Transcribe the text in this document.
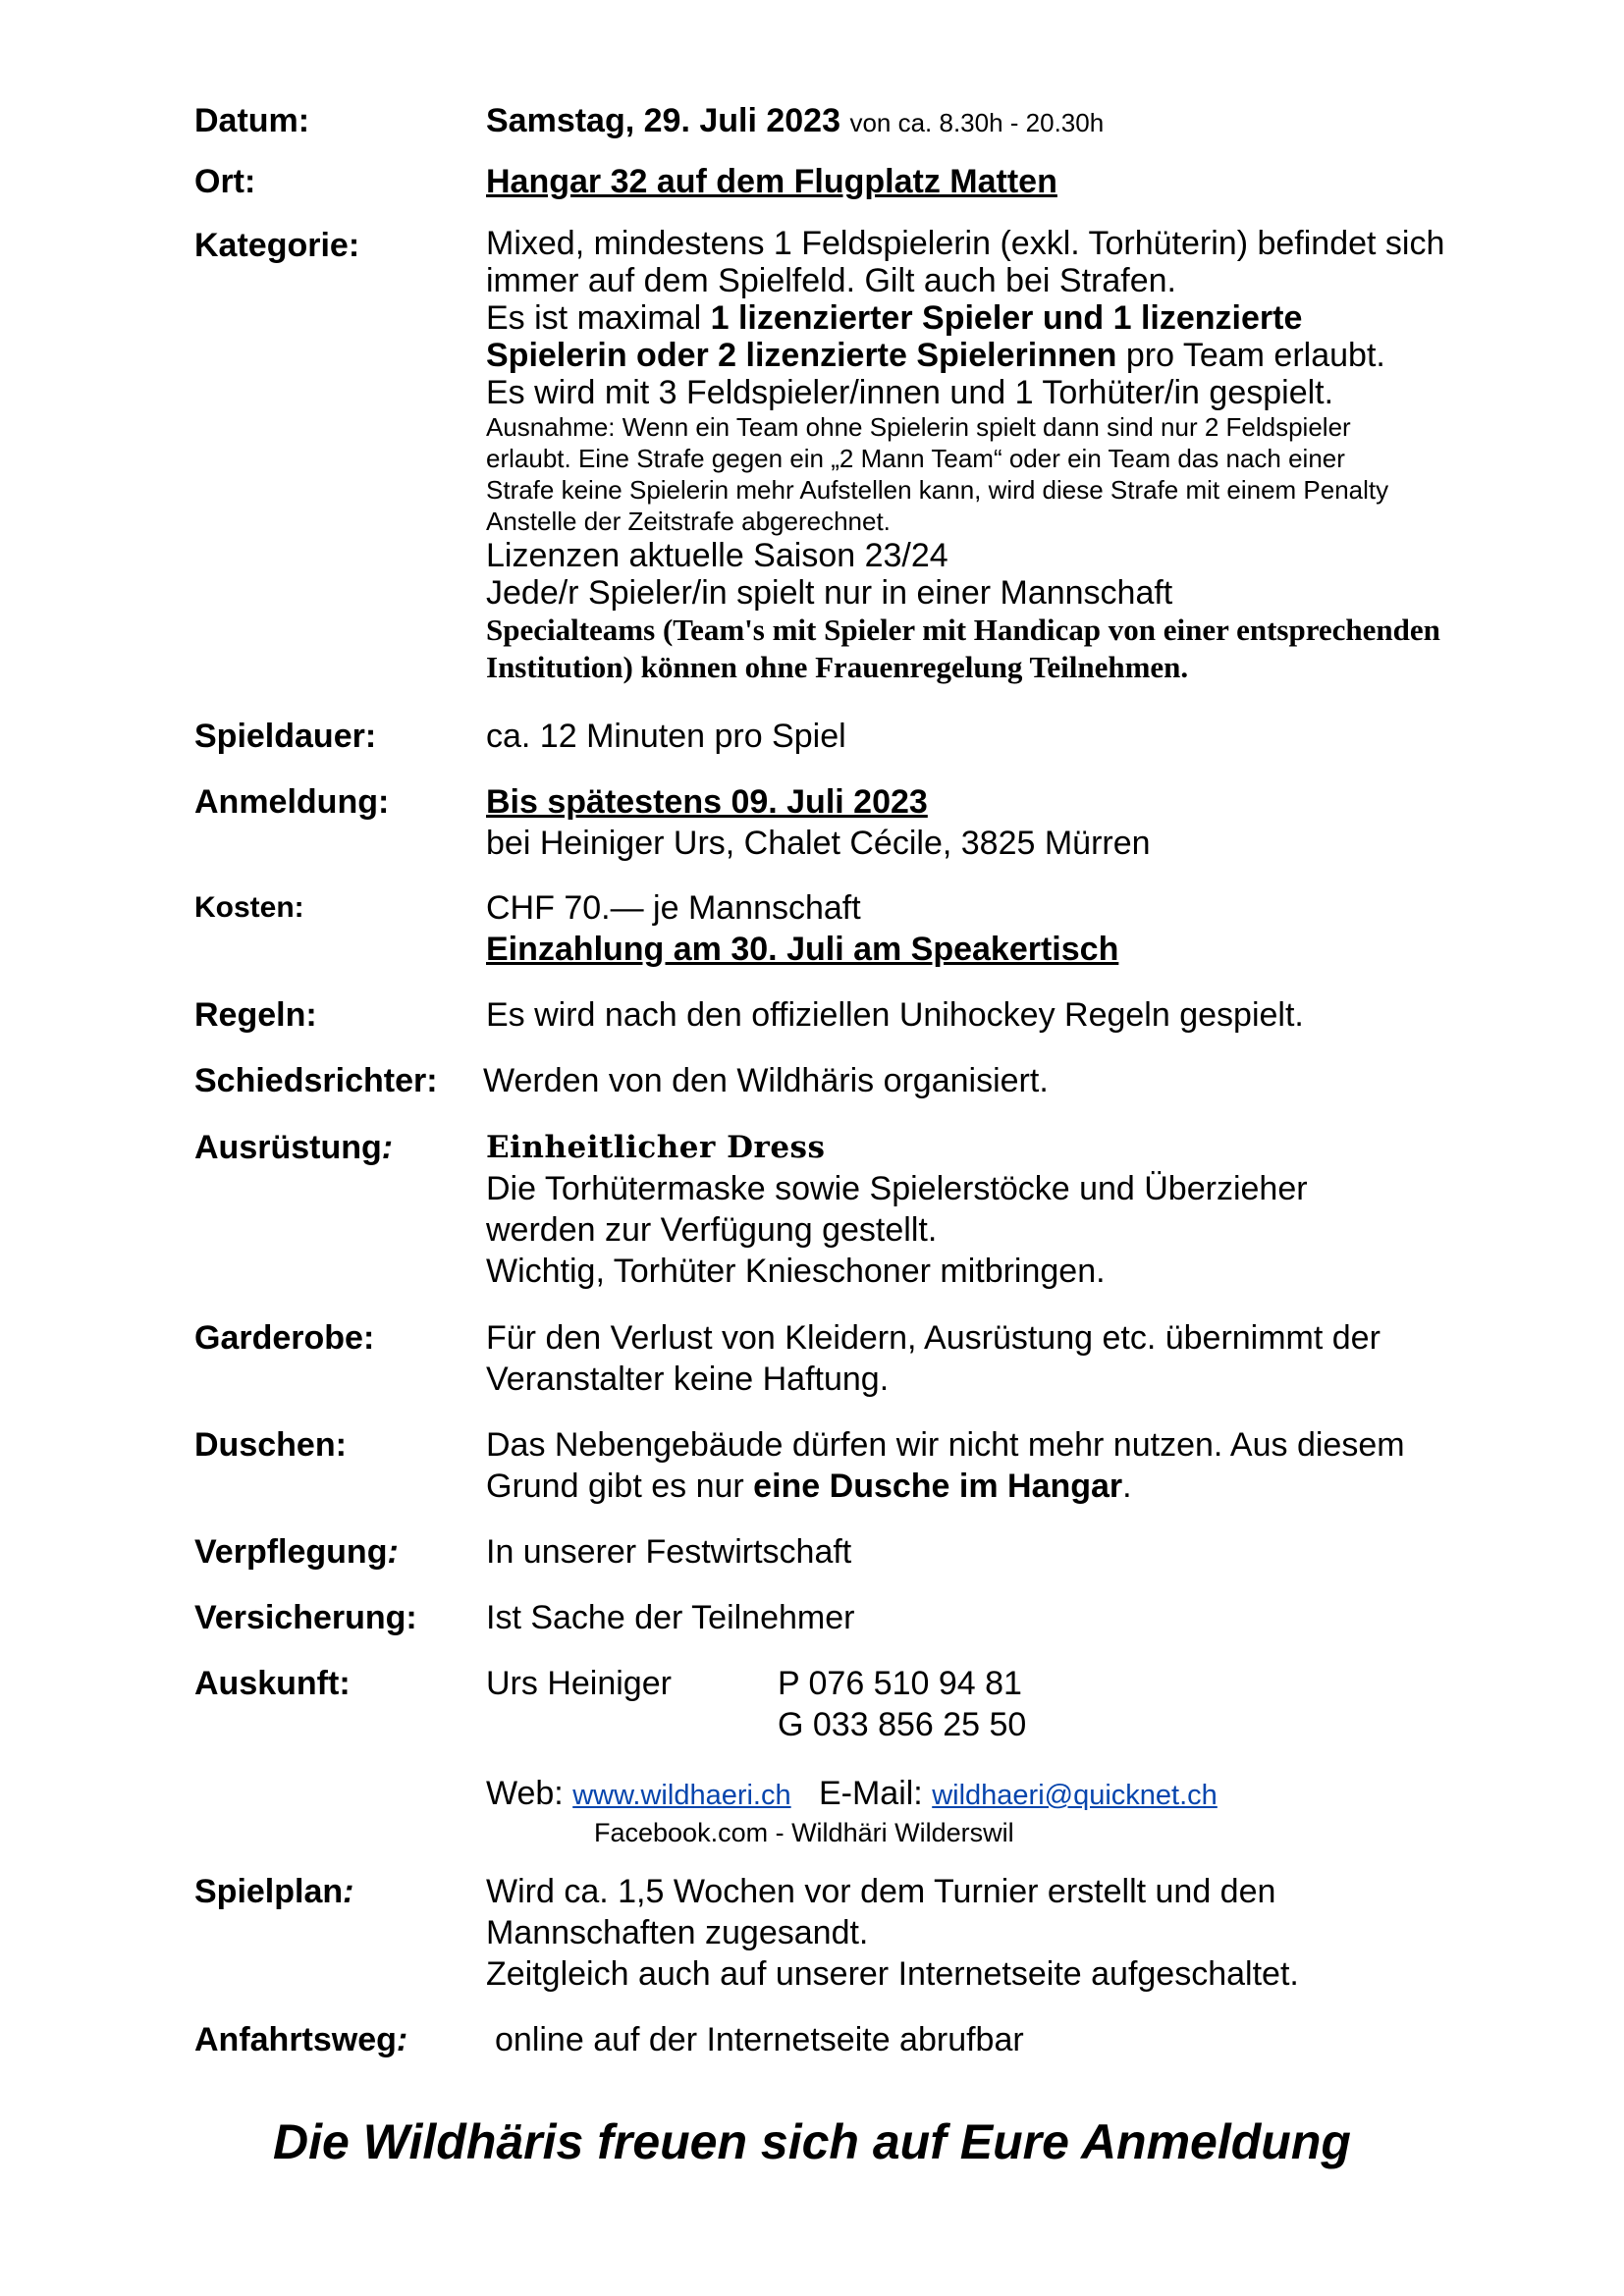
Datum:	Samstag, 29. Juli 2023 von ca. 8.30h - 20.30h
Ort:	Hangar 32 auf dem Flugplatz Matten
Kategorie:	Mixed, mindestens 1 Feldspielerin (exkl. Torhüterin) befindet sich
immer auf dem Spielfeld. Gilt auch bei Strafen.
Es ist maximal 1 lizenzierter Spieler und 1 lizenzierte
Spielerin oder 2 lizenzierte Spielerinnen pro Team erlaubt.
Es wird mit 3 Feldspieler/innen und 1 Torhüter/in gespielt.
Ausnahme: Wenn ein Team ohne Spielerin spielt dann sind nur 2 Feldspieler
erlaubt. Eine Strafe gegen ein „2 Mann Team“ oder ein Team das nach einer
Strafe keine Spielerin mehr Aufstellen kann, wird diese Strafe mit einem Penalty
Anstelle der Zeitstrafe abgerechnet.
Lizenzen aktuelle Saison 23/24
Jede/r Spieler/in spielt nur in einer Mannschaft
Specialteams (Team's mit Spieler mit Handicap von einer entsprechenden
Institution) können ohne Frauenregelung Teilnehmen.
Spieldauer:	ca. 12 Minuten pro Spiel
Anmeldung:	Bis spätestens 09. Juli 2023
bei Heiniger Urs, Chalet Cécile, 3825 Mürren
Kosten:	CHF 70.— je Mannschaft
Einzahlung am 30. Juli am Speakertisch
Regeln:	Es wird nach den offiziellen Unihockey Regeln gespielt.
Schiedsrichter: Werden von den Wildhäris organisiert.
Ausrüstung:	Einheitlicher Dress
Die Torhütermaske sowie Spielerstöcke und Überzieher
werden zur Verfügung gestellt.
Wichtig, Torhüter Knieschoner mitbringen.
Garderobe:	Für den Verlust von Kleidern, Ausrüstung etc. übernimmt der
Veranstalter keine Haftung.
Duschen:	Das Nebengebäude dürfen wir nicht mehr nutzen. Aus diesem
Grund gibt es nur eine Dusche im Hangar.
Verpflegung:	In unserer Festwirtschaft
Versicherung: Ist Sache der Teilnehmer
Auskunft:	Urs Heiniger	P 076 510 94 81
G 033 856 25 50
Web: www.wildhaeri.ch E-Mail: wildhaeri@quicknet.ch
Facebook.com - Wildhäri Wilderswil
Spielplan:	Wird ca. 1,5 Wochen vor dem Turnier erstellt und den
Mannschaften zugesandt.
Zeitgleich auch auf unserer Internetseite aufgeschaltet.
Anfahrtsweg:	online auf der Internetseite abrufbar
Die Wildhäris freuen sich auf Eure Anmeldung
